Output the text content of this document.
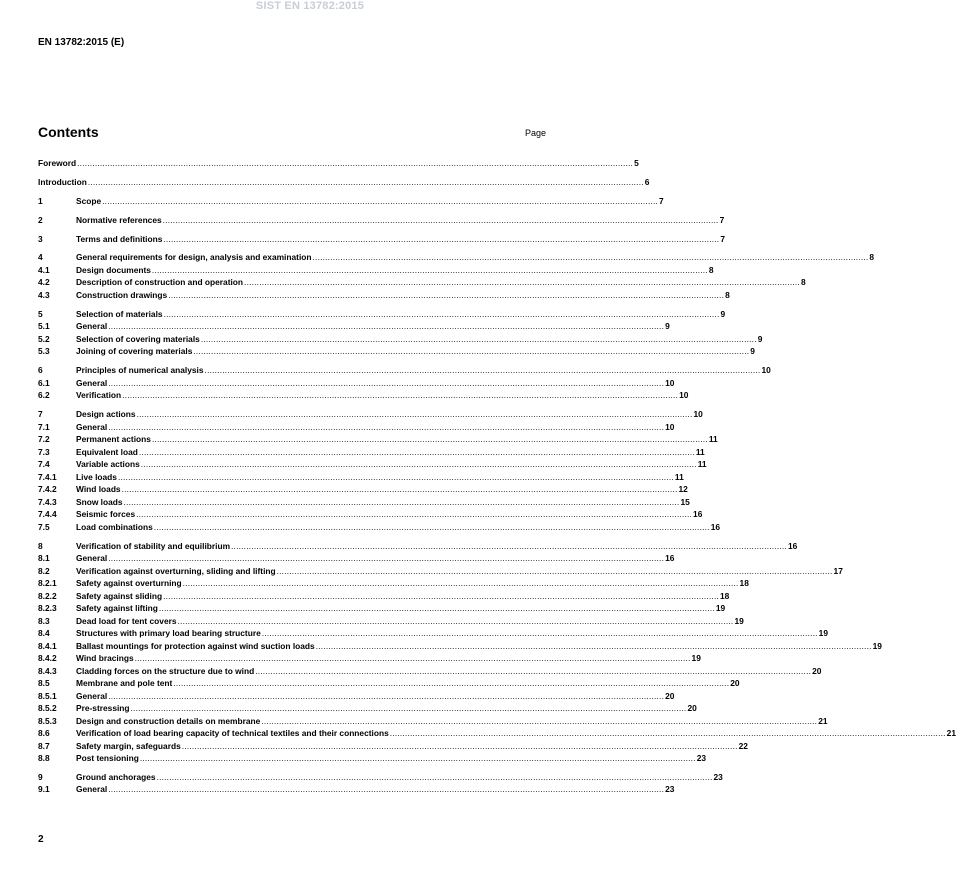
SIST EN 13782:2015
EN 13782:2015 (E)
Contents	Page
Foreword ............................................................................................................................................................................................................................ 5
Introduction ............................................................................................................................................................................................................................ 6
1	Scope ............................................................................................................................................................................................................................ 7
2	Normative references ............................................................................................................................................................................................................................ 7
3	Terms and definitions ............................................................................................................................................................................................................................ 7
4	General requirements for design, analysis and examination ............................................................................................................................................................................................................................ 8
4.1	Design documents ............................................................................................................................................................................................................................ 8
4.2	Description of construction and operation ............................................................................................................................................................................................................................ 8
4.3	Construction drawings ............................................................................................................................................................................................................................ 8
5	Selection of materials ............................................................................................................................................................................................................................ 9
5.1	General ............................................................................................................................................................................................................................ 9
5.2	Selection of covering materials ............................................................................................................................................................................................................................ 9
5.3	Joining of covering materials ............................................................................................................................................................................................................................ 9
6	Principles of numerical analysis ............................................................................................................................................................................................................................ 10
6.1	General ............................................................................................................................................................................................................................ 10
6.2	Verification ............................................................................................................................................................................................................................ 10
7	Design actions ............................................................................................................................................................................................................................ 10
7.1	General ............................................................................................................................................................................................................................ 10
7.2	Permanent actions ............................................................................................................................................................................................................................ 11
7.3	Equivalent load ............................................................................................................................................................................................................................ 11
7.4	Variable actions ............................................................................................................................................................................................................................ 11
7.4.1	Live loads ............................................................................................................................................................................................................................ 11
7.4.2	Wind loads ............................................................................................................................................................................................................................ 12
7.4.3	Snow loads ............................................................................................................................................................................................................................ 15
7.4.4	Seismic forces ............................................................................................................................................................................................................................ 16
7.5	Load combinations ............................................................................................................................................................................................................................ 16
8	Verification of stability and equilibrium ............................................................................................................................................................................................................................ 16
8.1	General ............................................................................................................................................................................................................................ 16
8.2	Verification against overturning, sliding and lifting ............................................................................................................................................................................................................................ 17
8.2.1	Safety against overturning ............................................................................................................................................................................................................................ 18
8.2.2	Safety against sliding ............................................................................................................................................................................................................................ 18
8.2.3	Safety against lifting ............................................................................................................................................................................................................................ 19
8.3	Dead load for tent covers ............................................................................................................................................................................................................................ 19
8.4	Structures with primary load bearing structure ............................................................................................................................................................................................................................ 19
8.4.1	Ballast mountings for protection against wind suction loads ............................................................................................................................................................................................................................ 19
8.4.2	Wind bracings ............................................................................................................................................................................................................................ 19
8.4.3	Cladding forces on the structure due to wind ............................................................................................................................................................................................................................ 20
8.5	Membrane and pole tent ............................................................................................................................................................................................................................ 20
8.5.1	General ............................................................................................................................................................................................................................ 20
8.5.2	Pre-stressing ............................................................................................................................................................................................................................ 20
8.5.3	Design and construction details on membrane ............................................................................................................................................................................................................................ 21
8.6	Verification of load bearing capacity of technical textiles and their connections ............................................................................................................................................................................................................................ 21
8.7	Safety margin, safeguards ............................................................................................................................................................................................................................ 22
8.8	Post tensioning ............................................................................................................................................................................................................................ 23
9	Ground anchorages ............................................................................................................................................................................................................................ 23
9.1	General ............................................................................................................................................................................................................................ 23
2
